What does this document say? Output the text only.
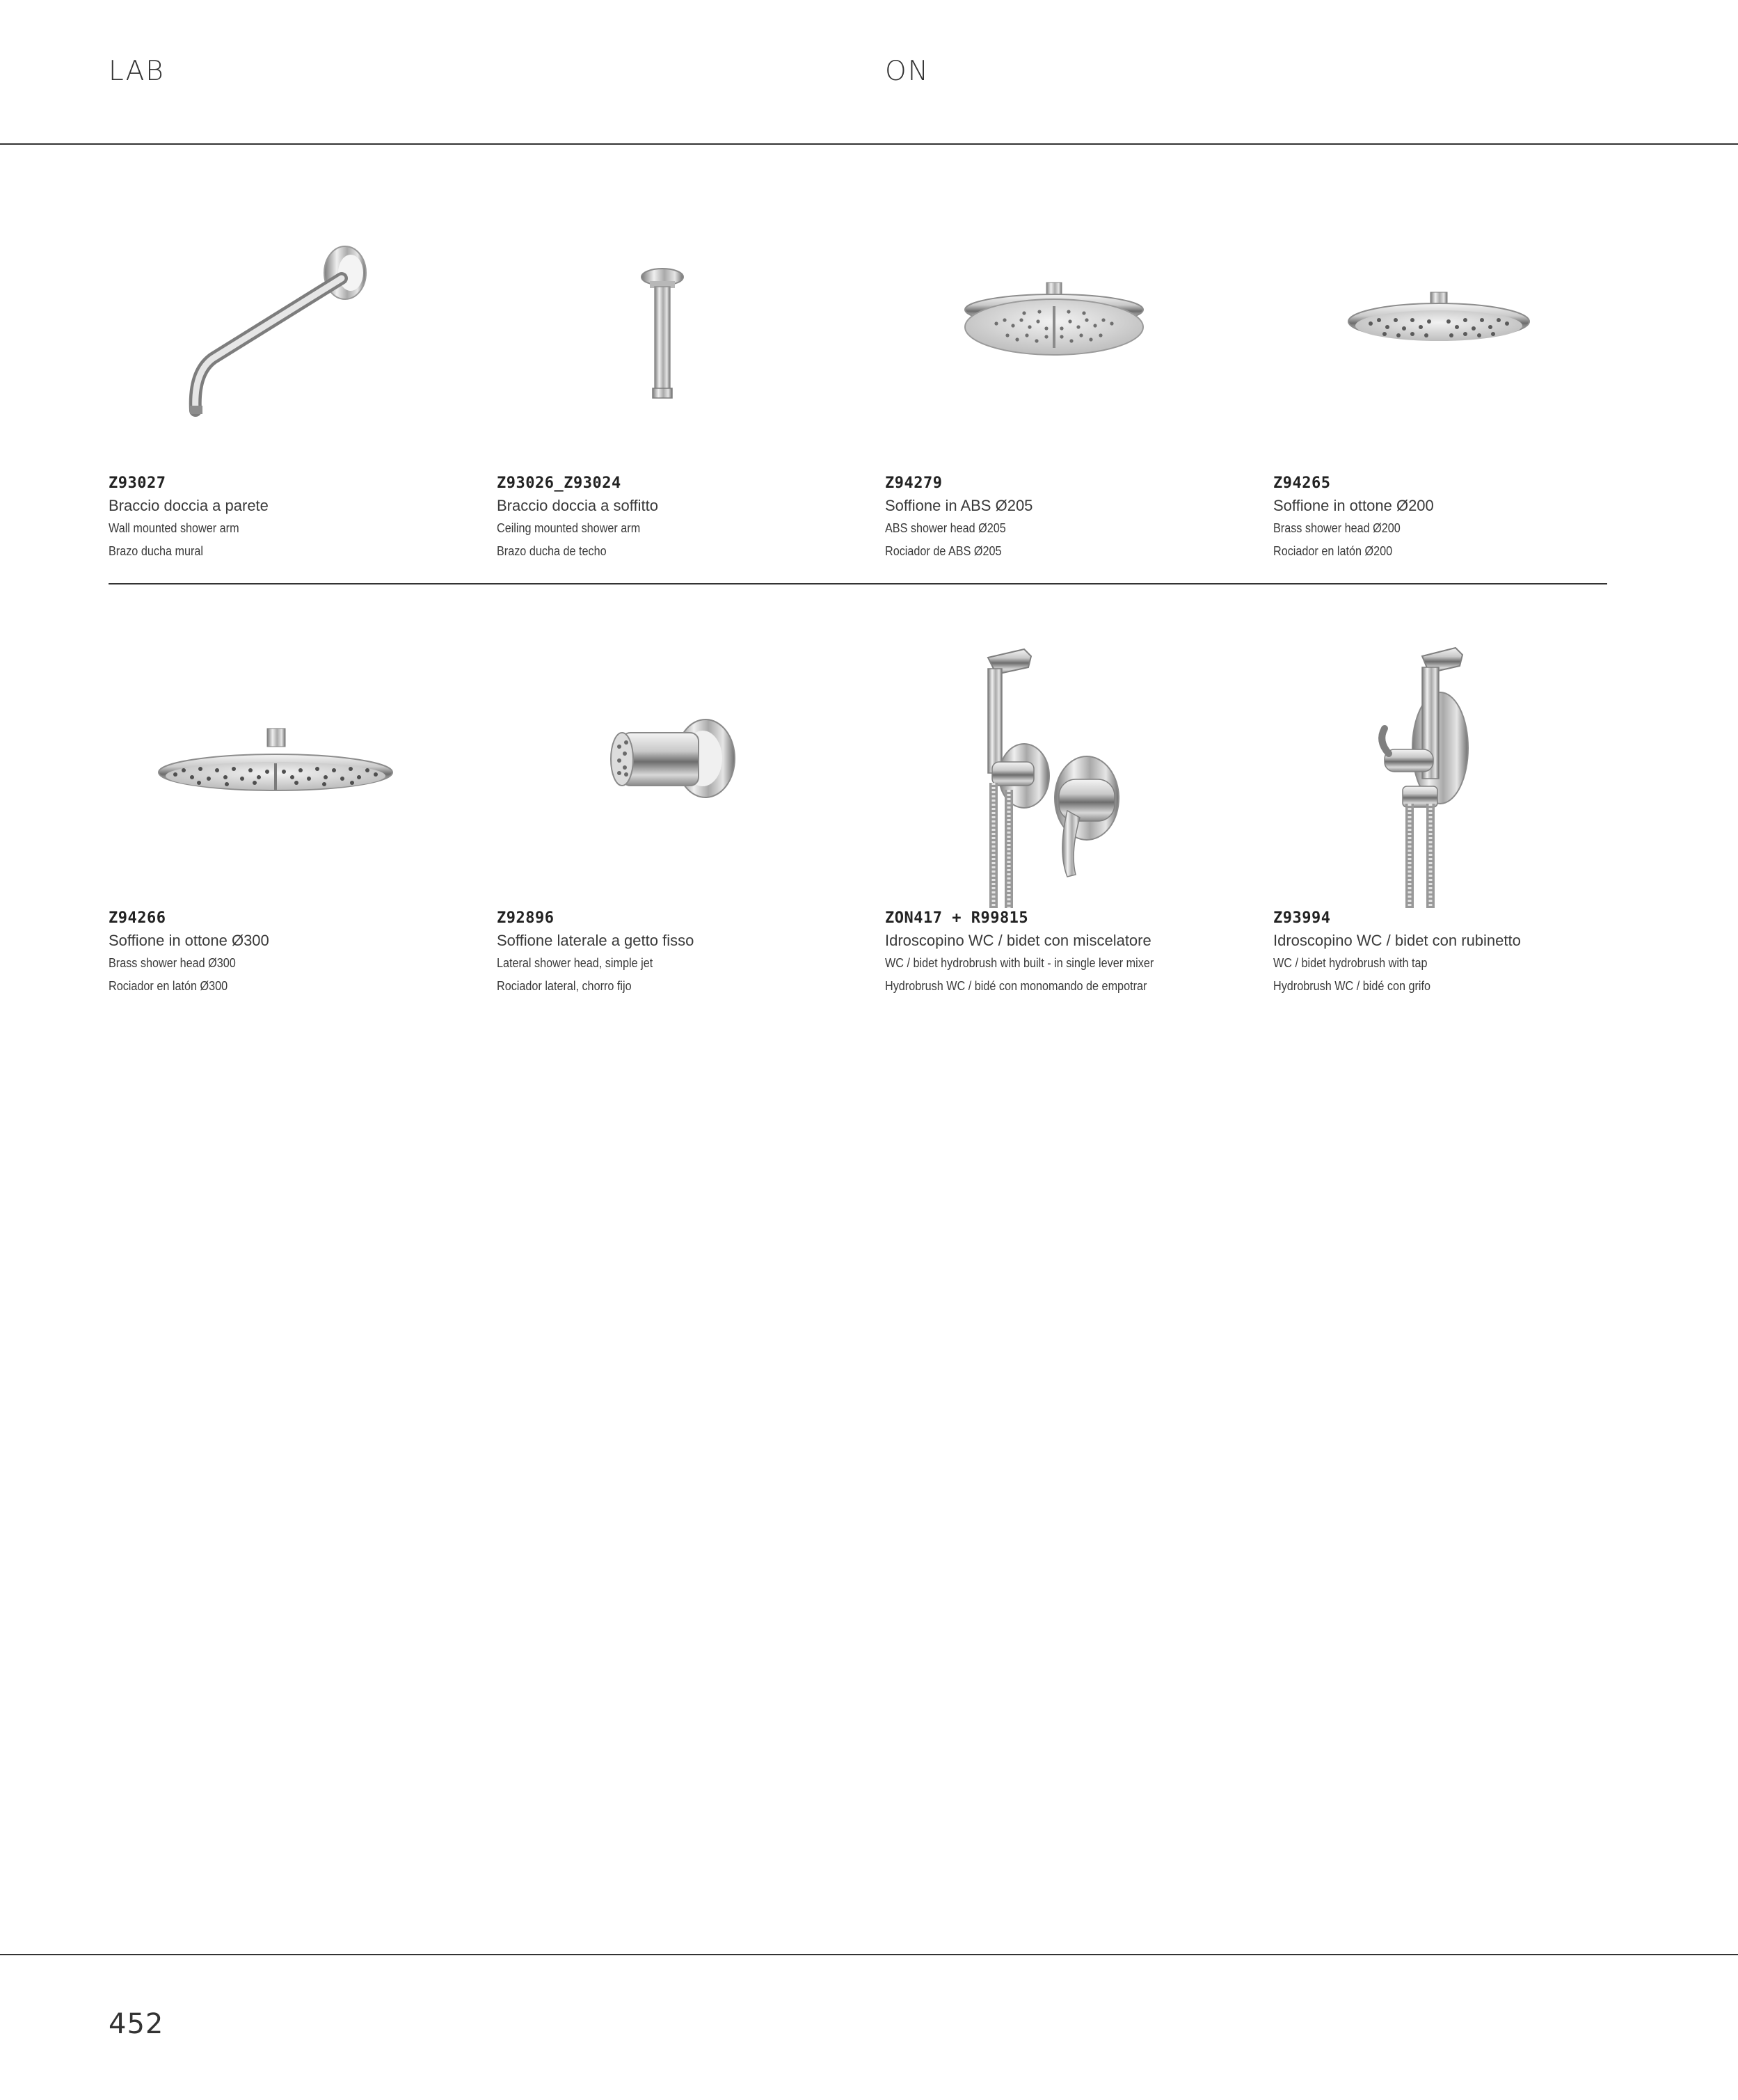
LAB	ON
Z93027
Braccio doccia a parete
Wall mounted shower arm
Brazo ducha mural
Z93026_Z93024
Braccio doccia a soffitto
Ceiling mounted shower arm
Brazo ducha de techo
Z94279
Soffione in ABS Ø205
ABS shower head Ø205
Rociador de ABS Ø205
Z94265
Soffione in ottone Ø200
Brass shower head Ø200
Rociador en latón Ø200
Z94266
Soffione in ottone Ø300
Brass shower head Ø300
Rociador en latón Ø300
Z92896
Soffione laterale a getto fisso
Lateral shower head, simple jet
Rociador lateral, chorro fijo
ZON417 + R99815
Idroscopino WC / bidet con miscelatore
WC / bidet hydrobrush with built - in single lever mixer
Hydrobrush WC / bidé con monomando de empotrar
Z93994
Idroscopino WC / bidet con rubinetto
WC / bidet hydrobrush with tap
Hydrobrush WC / bidé con grifo
452
